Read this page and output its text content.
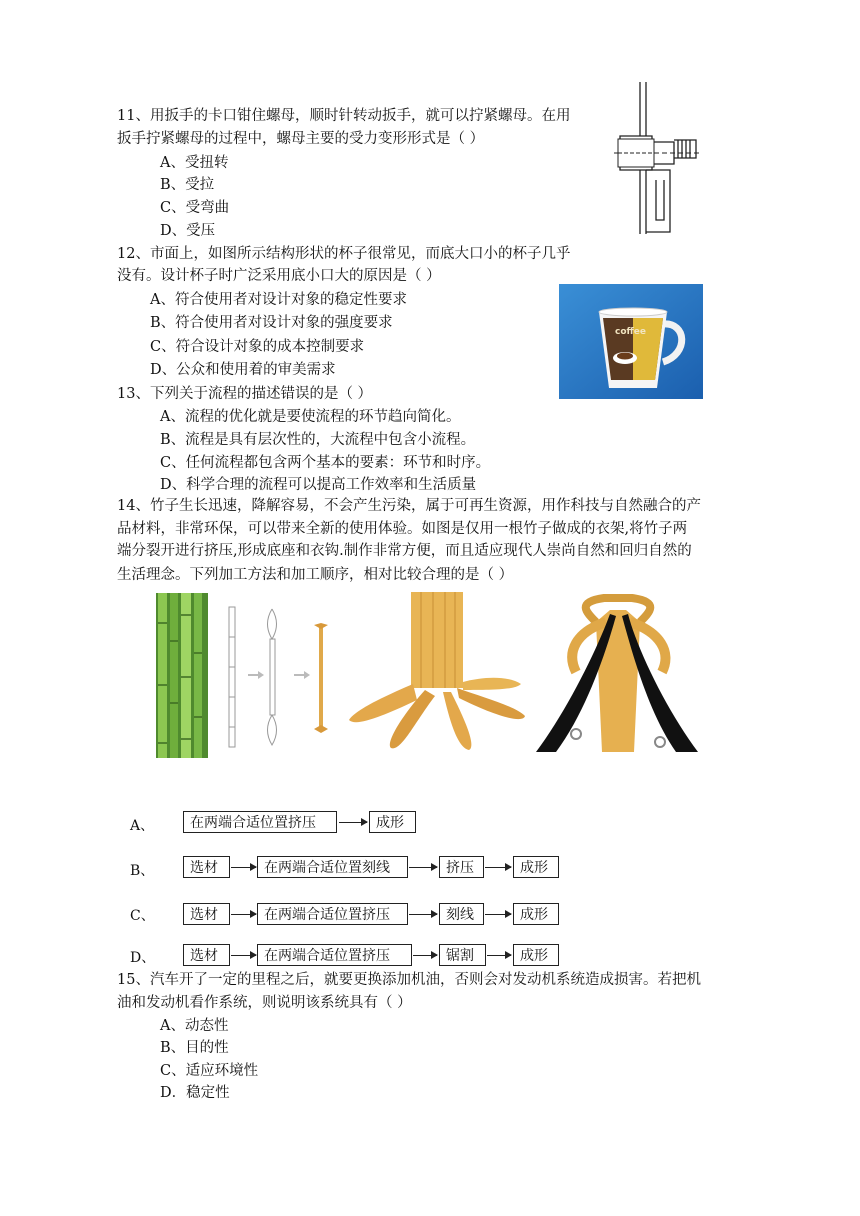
11、用扳手的卡口钳住螺母，顺时针转动扳手，就可以拧紧螺母。在用
扳手拧紧螺母的过程中，螺母主要的受力变形形式是（ ）
A、受扭转
B、受拉
C、受弯曲
D、受压
12、市面上，如图所示结构形状的杯子很常见，而底大口小的杯子几乎
没有。设计杯子时广泛采用底小口大的原因是（ ）
A、符合使用者对设计对象的稳定性要求
B、符合使用者对设计对象的强度要求
C、符合设计对象的成本控制要求
D、公众和使用着的审美需求
coffee
13、下列关于流程的描述错误的是（ ）
A、流程的优化就是要使流程的环节趋向简化。
B、流程是具有层次性的，大流程中包含小流程。
C、任何流程都包含两个基本的要素：环节和时序。
D、科学合理的流程可以提高工作效率和生活质量
14、竹子生长迅速，降解容易，不会产生污染，属于可再生资源，用作科技与自然融合的产
品材料，非常环保，可以带来全新的使用体验。如图是仅用一根竹子做成的衣架,将竹子两
端分裂开进行挤压,形成底座和衣钩.制作非常方便，而且适应现代人崇尚自然和回归自然的
生活理念。下列加工方法和加工顺序，相对比较合理的是（ ）
A、	在两端合适位置挤压	成形
B、	选材	在两端合适位置刻线	挤压	成形
C、	选材	在两端合适位置挤压	刻线	成形
D、	选材	在两端合适位置挤压	锯割	成形
15、汽车开了一定的里程之后，就要更换添加机油，否则会对发动机系统造成损害。若把机
油和发动机看作系统，则说明该系统具有（ ）
A、动态性
B、目的性
C、适应环境性
D．稳定性
